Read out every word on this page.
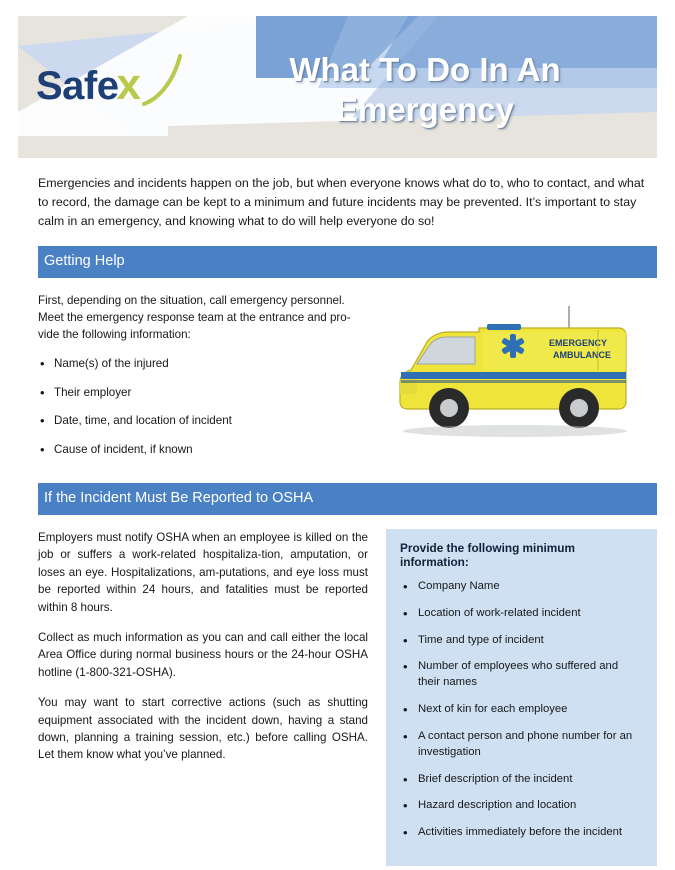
Safex	What To Do In An Emergency
Emergencies and incidents happen on the job, but when everyone knows what do to, who to contact, and what to record, the damage can be kept to a minimum and future incidents may be prevented. It’s important to stay calm in an emergency, and knowing what to do will help everyone do so!
Getting Help
First, depending on the situation, call emergency personnel. Meet the emergency response team at the entrance and pro-vide the following information:
• Name(s) of the injured
• Their employer
• Date, time, and location of incident
• Cause of incident, if known
EMERGENCY
AMBULANCE
If the Incident Must Be Reported to OSHA

Employers must notify OSHA when an employee is killed on the job or suffers a work-related hospitaliza-tion, amputation, or loses an eye. Hospitalizations, am-putations, and eye loss must be reported within 24 hours, and fatalities must be reported within 8 hours.

Collect as much information as you can and call either the local Area Office during normal business hours or the 24-hour OSHA hotline (1-800-321-OSHA).

You may want to start corrective actions (such as shutting equipment associated with the incident down, having a stand down, planning a training session, etc.) before calling OSHA. Let them know what you’ve planned.

Provide the following minimum information:
• Company Name
• Location of work-related incident
• Time and type of incident
• Number of employees who suffered and their names
• Next of kin for each employee
• A contact person and phone number for an investigation
• Brief description of the incident
• Hazard description and location
• Activities immediately before the incident
